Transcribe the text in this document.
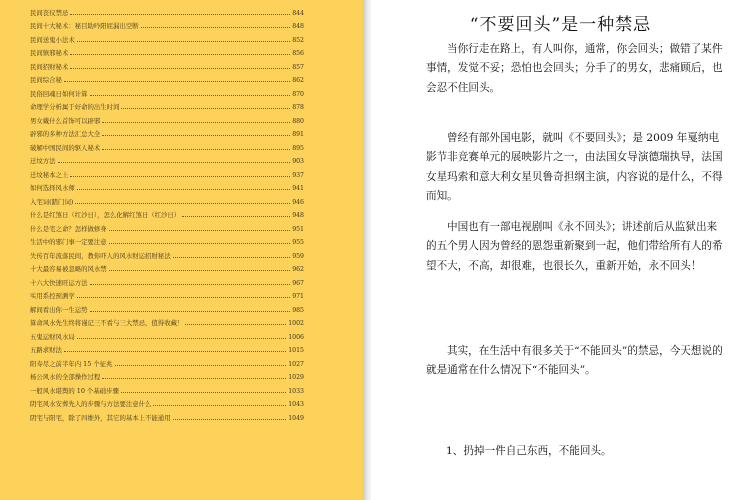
民间丧仪禁忌	844
民间十大秘术：秘目助吟阳屁漏出空断	848
民间送鬼小法术	852
民间镇邪秘术	856
民间招财秘术	857
民间综合秘	862
民俗回魂日如何计算	870
命理学分析属于好命的出生时间	878
男女戴什么首饰可以辟邪	880
辟邪的多种方法汇总大全	891
破解中国民间的驱人秘术	895
迁坟方法	903
迁坟秘本之上	937
如何选择风水师	941
入宅词(踏门词)	946
什么是红煞日（红沙日），怎么化解红煞日（红沙日）	948
什么是宅之命？怎样做修身	951
生活中的邪门事一定要注意	955
失传百年流落民间，教你吓人的风水财运招财秘法	959
十大最容易被忽略的风水禁	962
十六大快速旺运方法	967
实用系控预测学	971
解间看出你一生运势	985
算命风水先生终将谨记三不看与三大禁忌，值得收藏！	1002
五鬼运财风水局	1006
五路求财法	1015
阳寿尽之前半年内 15 个征兆	1027
杨公风水的全部操作过程	1029
一般风水堪舆的 10 个基础步骤	1033
阴宅风水安葬先人的步骤与方法要注意什么	1043
阴宅与阳宅，除了四维外，其它的基本上不能通用	1049
“不要回头”是一种禁忌

当你行走在路上，有人叫你，通常，你会回头；做错了某件事情，发觉不妥；恐怕也会回头；分手了的男女，悲痛顾后，也会忍不住回头。

曾经有部外国电影，就叫《不要回头》；是 2009 年戛纳电影节非竞赛单元的展映影片之一，由法国女导演德瑞执导，法国女星玛索和意大利女星贝鲁奇担纲主演，内容说的是什么，不得而知。

中国也有一部电视剧叫《永不回头》；讲述前后从监狱出来的五个男人因为曾经的恩怨重新聚到一起，他们带给所有人的希望不大，不高，却很难，也很长久，重新开始，永不回头！

其实，在生活中有很多关于“不能回头”的禁忌，今天想说的就是通常在什么情况下“不能回头”。

1、扔掉一件自己东西，不能回头。
